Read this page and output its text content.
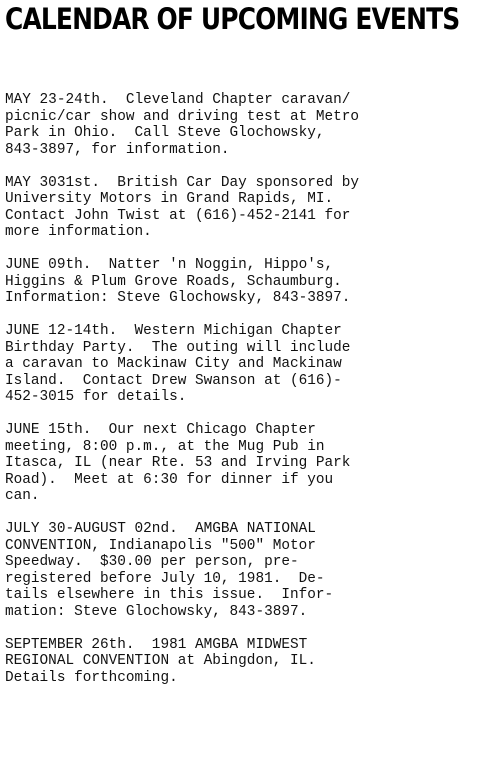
CALENDAR OF UPCOMING EVENTS
MAY 23-24th.  Cleveland Chapter caravan/
picnic/car show and driving test at Metro
Park in Ohio.  Call Steve Glochowsky,
843-3897, for information.
MAY 3031st.  British Car Day sponsored by
University Motors in Grand Rapids, MI.
Contact John Twist at (616)-452-2141 for
more information.
JUNE 09th.  Natter 'n Noggin, Hippo's,
Higgins & Plum Grove Roads, Schaumburg.
Information: Steve Glochowsky, 843-3897.
JUNE 12-14th.  Western Michigan Chapter
Birthday Party.  The outing will include
a caravan to Mackinaw City and Mackinaw
Island.  Contact Drew Swanson at (616)-
452-3015 for details.
JUNE 15th.  Our next Chicago Chapter
meeting, 8:00 p.m., at the Mug Pub in
Itasca, IL (near Rte. 53 and Irving Park
Road).  Meet at 6:30 for dinner if you
can.
JULY 30-AUGUST 02nd.  AMGBA NATIONAL
CONVENTION, Indianapolis "500" Motor
Speedway.  $30.00 per person, pre-
registered before July 10, 1981.  De-
tails elsewhere in this issue.  Infor-
mation: Steve Glochowsky, 843-3897.
SEPTEMBER 26th.  1981 AMGBA MIDWEST
REGIONAL CONVENTION at Abingdon, IL.
Details forthcoming.
